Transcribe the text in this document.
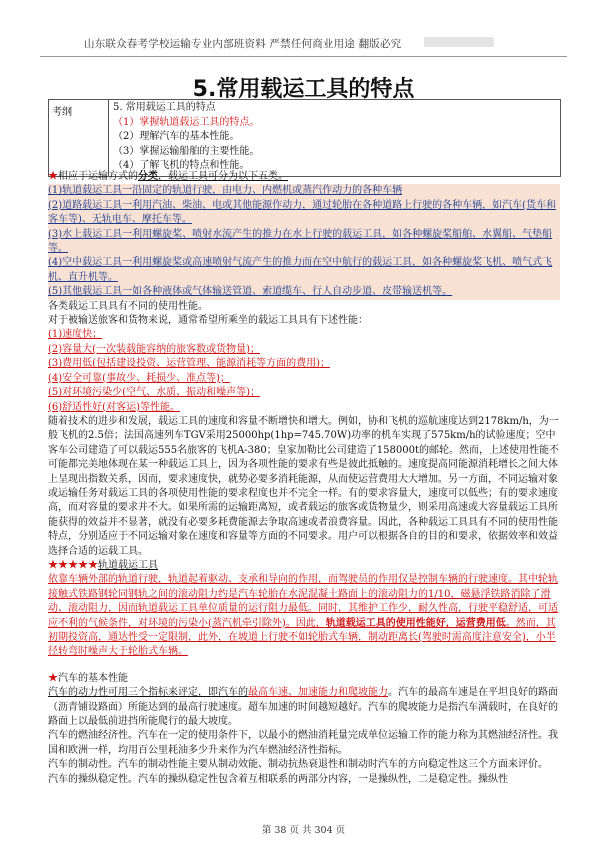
山东联众春考学校运输专业内部班资料 严禁任何商业用途 翻版必究
5.常用载运工具的特点
考纲	5. 常用载运工具的特点
（1）掌握轨道载运工具的特点。
（2）理解汽车的基本性能。
（3）掌握运输船舶的主要性能。
（4）了解飞机的特点和性能。

★相应于运输方式的分类，载运工具可分为以下五类。

(1)轨道载运工具一沿固定的轨道行驶，由电力、内燃机或蒸汽作动力的各种车辆

(2)道路载运工具一利用汽油、柴油、电或其他能源作动力，通过轮胎在各种道路上行驶的各种车辆，如汽车(货车和客车等)、无轨电车、摩托车等。

(3)水上载运工具一利用螺旋桨、喷射水流产生的推力在水上行驶的载运工具，如各种螺旋桨船舶、水翼船、气垫船等。

(4)空中载运工具一利用螺旋桨或高速喷射气流产生的推力而在空中航行的载运工具，如各种螺旋桨飞机、喷气式飞机、直升机等。

(5)其他载运工具一如各种液体或气体输送管道、索道缆车、行人自动步道、皮带输送机等。

各类载运工具具有不同的使用性能。

对于被输送旅客和货物来说，通常希望所乘坐的载运工具具有下述性能：

(1)速度快；

(2)容量大(一次装载能容纳的旅客数或货物量)；

(3)费用低(包括建设投资、运营管理、能源消耗等方面的费用)；

(4)安全可靠(事故少、耗损少、准点等)；

(5)对环境污染少(空气、水质、振动和噪声等)；

(6)舒适性好(对客运)等性能。

随着技术的进步和发展，载运工具的速度和容量不断增快和增大。例如，协和飞机的巡航速度达到2178km/h，为一般飞机的2.5倍；法国高速列车TGV采用25000hp(1hp=745.70W)功率的机车实现了575km/h的试验速度；空中客车公司建造了可以载运555名旅客的飞机A-380；皇家加勒比公司建造了158000t的邮轮。然而，上述使用性能不可能都完美地体现在某一种载运工具上，因为各项性能的要求有些是彼此抵触的。速度提高同能源消耗增长之间大体上呈现出指数关系，因而，要求速度快，就势必要多消耗能源，从而使运营费用大大增加。另一方面，不同运输对象或运输任务对载运工具的各项使用性能的要求程度也并不完全一样。有的要求容量大，速度可以低些；有的要求速度高，而对容量的要求并不大。如果所需的运输距离短，或者载运的旅客或货物量少，则采用高速或大容量载运工具所能获得的效益并不显著，就没有必要多耗费能源去争取高速或者浪费容量。因此，各种载运工具具有不同的使用性能特点，分别适应于不同运输对象在速度和容量等方面的不同要求。用户可以根据各自的目的和要求，依据效率和效益选择合适的运载工具。

★★★★★轨道载运工具

依靠车辆外部的轨道行驶，轨道起着驱动、支承和导向的作用，而驾驶员的作用仅是控制车辆的行驶速度。其中轮轨接触式铁路钢轮同钢轨之间的滚动阻力约是汽车轮胎在水泥混凝土路面上的滚动阻力的1/10，磁悬浮铁路消除了滑动、滚动阻力，因而轨道载运工具单位质量的运行阻力最低。同时，其维护工作少，耐久性高，行驶平稳舒适，可适应不利的气候条件，对环境的污染小(蒸汽机牵引除外)。因此，轨道载运工具的使用性能好，运营费用低。然而，其初期投资高，通达性受一定限制，此外，在坡道上行驶不如轮胎式车辆，制动距离长(驾驶时需高度注意安全)，小半径转弯时噪声大于轮胎式车辆。

★汽车的基本性能

汽车的动力性可用三个指标来评定，即汽车的最高车速、加速能力和爬坡能力。汽车的最高车速是在平坦良好的路面（沥青铺设路面）所能达到的最高行驶速度。超车加速的时间越短越好。汽车的爬坡能力是指汽车满载时，在良好的路面上以最低前进挡所能爬行的最大坡度。

汽车的燃油经济性。汽车在一定的使用条件下，以最小的燃油消耗量完成单位运输工作的能力称为其燃油经济性。我国和欧洲一样，均用百公里耗油多少升来作为汽车燃油经济性指标。

汽车的制动性。汽车的制动性能主要从制动效能、制动抗热衰退性和制动时汽车的方向稳定性这三个方面来评价。

汽车的操纵稳定性。汽车的操纵稳定性包含着互相联系的两部分内容，一是操纵性，二是稳定性。操纵性

第 38 页 共 304 页
